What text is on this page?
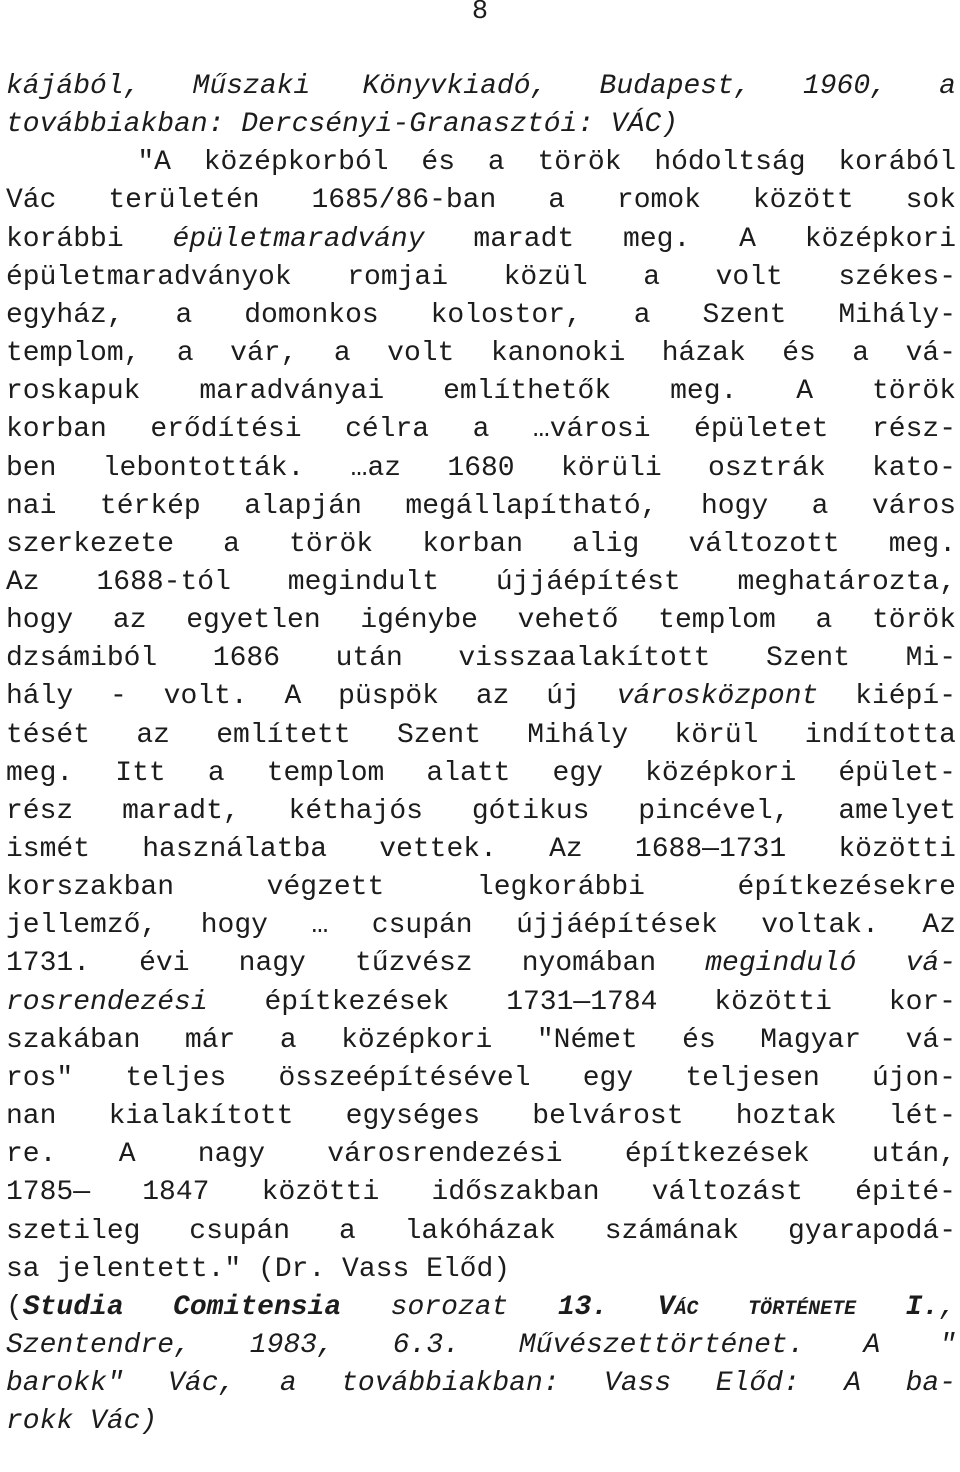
8
kájából, Műszaki Könyvkiadó, Budapest, 1960, a
továbbiakban: Dercsényi-Granasztói: VÁC)
″A középkorból és a török hódoltság korából
Vác területén 1685/86-ban a romok között sok
korábbi épületmaradvány maradt meg. A középkori
épületmaradványok romjai közül a volt székes-
egyház, a domonkos kolostor, a Szent Mihály-
templom, a vár, a volt kanonoki házak és a vá-
roskapuk maradványai említhetők meg. A török
korban erődítési célra a …városi épületet rész-
ben lebontották. …az 1680 körüli osztrák kato-
nai térkép alapján megállapítható, hogy a város
szerkezete a török korban alig változott meg.
Az 1688-tól megindult újjáépítést meghatározta,
hogy az egyetlen igénybe vehető templom a török
dzsámiból 1686 után visszaalakított Szent Mi-
hály - volt. A püspök az új városközpont kiépí-
tését az említett Szent Mihály körül indította
meg. Itt a templom alatt egy középkori épület-
rész maradt, kéthajós gótikus pincével, amelyet
ismét használatba vettek. Az 1688—1731 közötti
korszakban végzett legkorábbi építkezésekre
jellemző, hogy … csupán újjáépítések voltak. Az
1731. évi nagy tűzvész nyomában meginduló vá-
rosrendezési építkezések 1731—1784 közötti kor-
szakában már a középkori "Német és Magyar vá-
ros" teljes összeépítésével egy teljesen újon-
nan kialakított egységes belvárost hoztak lét-
re. A nagy városrendezési építkezések után,
1785— 1847 közötti időszakban változást épité-
szetileg csupán a lakóházak számának gyarapodá-
sa jelentett.″ (Dr. Vass Előd)
(Studia Comitensia sorozat 13. Vác története I.,
Szentendre, 1983, 6.3. Művészettörténet. A ″
barokk″ Vác, a továbbiakban: Vass Előd: A ba-
rokk Vác)
